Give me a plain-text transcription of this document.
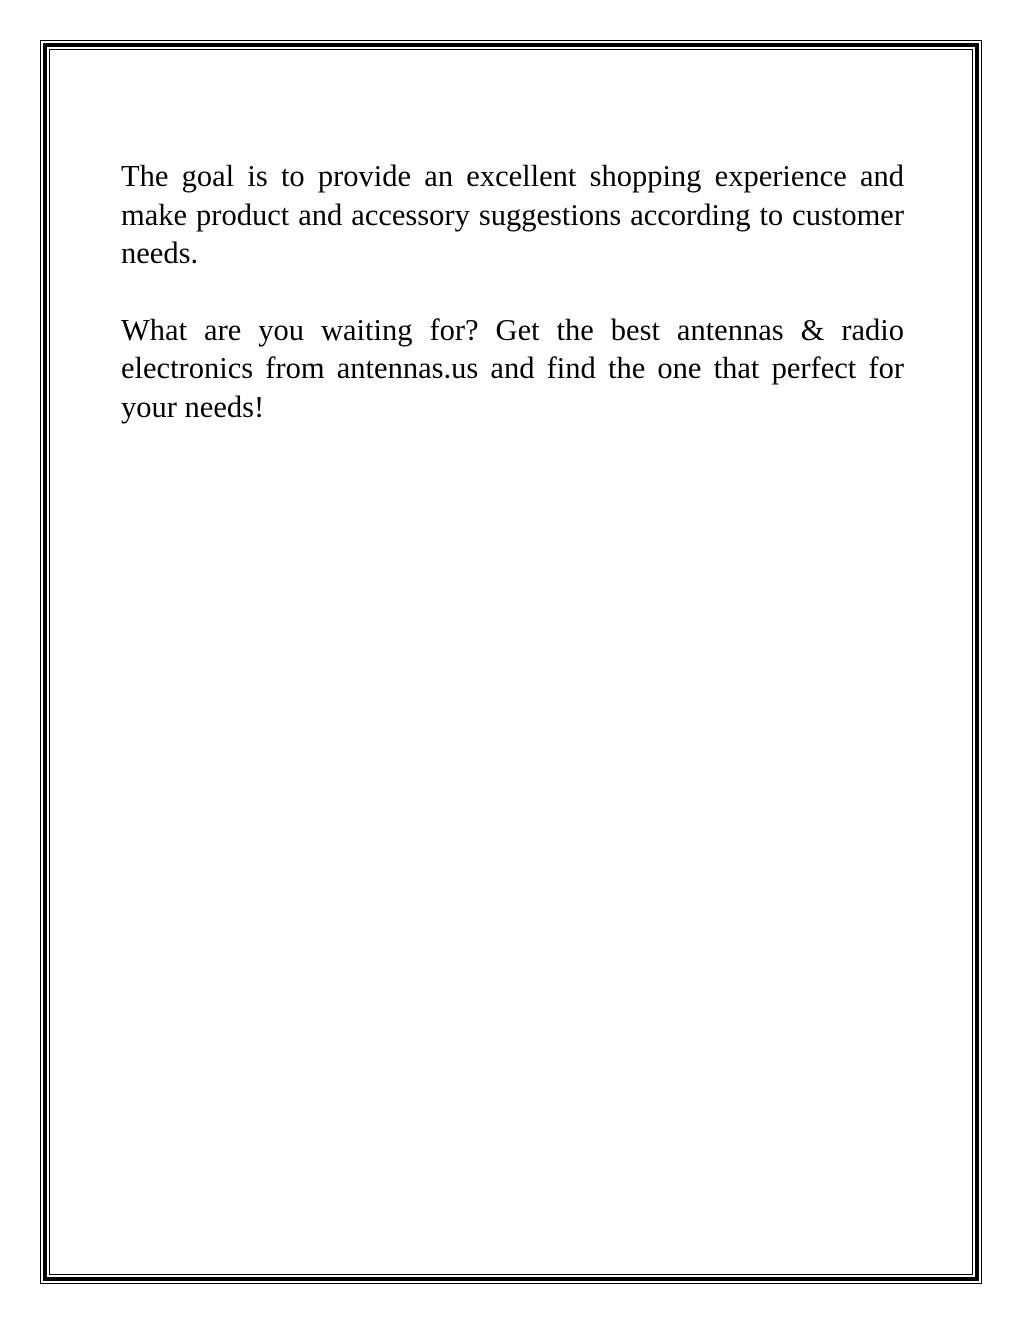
The goal is to provide an excellent shopping experience and make product and accessory suggestions according to customer needs.

What are you waiting for? Get the best antennas & radio electronics from antennas.us and find the one that perfect for your needs!
